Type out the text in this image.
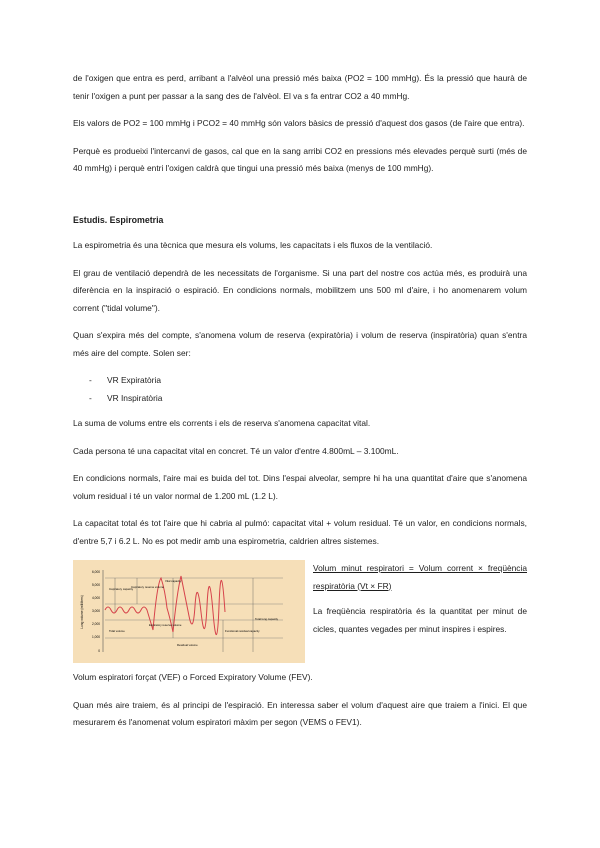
de l'oxigen que entra es perd, arribant a l'alvèol una pressió més baixa (PO2 = 100 mmHg). És la pressió que haurà de tenir l'oxigen a punt per passar a la sang des de l'alvèol. El va s fa entrar CO2 a 40 mmHg.

Els valors de PO2 = 100 mmHg i PCO2 = 40 mmHg són valors bàsics de pressió d'aquest dos gasos (de l'aire que entra).

Perquè es produeixi l'intercanvi de gasos, cal que en la sang arribi CO2 en pressions més elevades perquè surti (més de 40 mmHg) i perquè entri l'oxigen caldrà que tingui una pressió més baixa (menys de 100 mmHg).

Estudis. Espirometria

La espirometria és una tècnica que mesura els volums, les capacitats i els fluxos de la ventilació.

El grau de ventilació dependrà de les necessitats de l'organisme. Si una part del nostre cos actúa més, es produirà una diferència en la inspiració o espiració. En condicions normals, mobilitzem uns 500 ml d'aire, i ho anomenarem volum corrent ("tidal volume").

Quan s'expira més del compte, s'anomena volum de reserva (expiratòria) i volum de reserva (inspiratòria) quan s'entra més aire del compte. Solen ser:

- VR Expiratòria
- VR Inspiratòria

La suma de volums entre els corrents i els de reserva s'anomena capacitat vital.

Cada persona té una capacitat vital en concret. Té un valor d'entre 4.800mL – 3.100mL.

En condicions normals, l'aire mai es buida del tot. Dins l'espai alveolar, sempre hi ha una quantitat d'aire que s'anomena volum residual i té un valor normal de 1.200 mL (1.2 L).

La capacitat total és tot l'aire que hi cabria al pulmó: capacitat vital + volum residual. Té un valor, en condicions normals, d'entre 5,7 i 6.2 L. No es pot medir amb una espirometria, caldrien altres sistemes.

6,000
5,000
4,000
3,000
2,000
1,000
0
Lung volume (milliliters)
Inspiratory capacity
Inspiratory reserve volume
Vital capacity
Total lung capacity
Tidal volume
Expiratory reserve volume
Functional residual capacity
Residual volume
Volum minut respiratori = Volum corrent × freqüència respiratòria (Vt × FR)

La freqüència respiratòria és la quantitat per minut de cicles, quantes vegades per minut inspires i espires.

Volum espiratori forçat (VEF) o Forced Expiratory Volume (FEV).

Quan més aire traiem, és al principi de l'espiració. En interessa saber el volum d'aquest aire que traiem a l'inici. El que mesurarem és l'anomenat volum espiratori màxim per segon (VEMS o FEV1).
